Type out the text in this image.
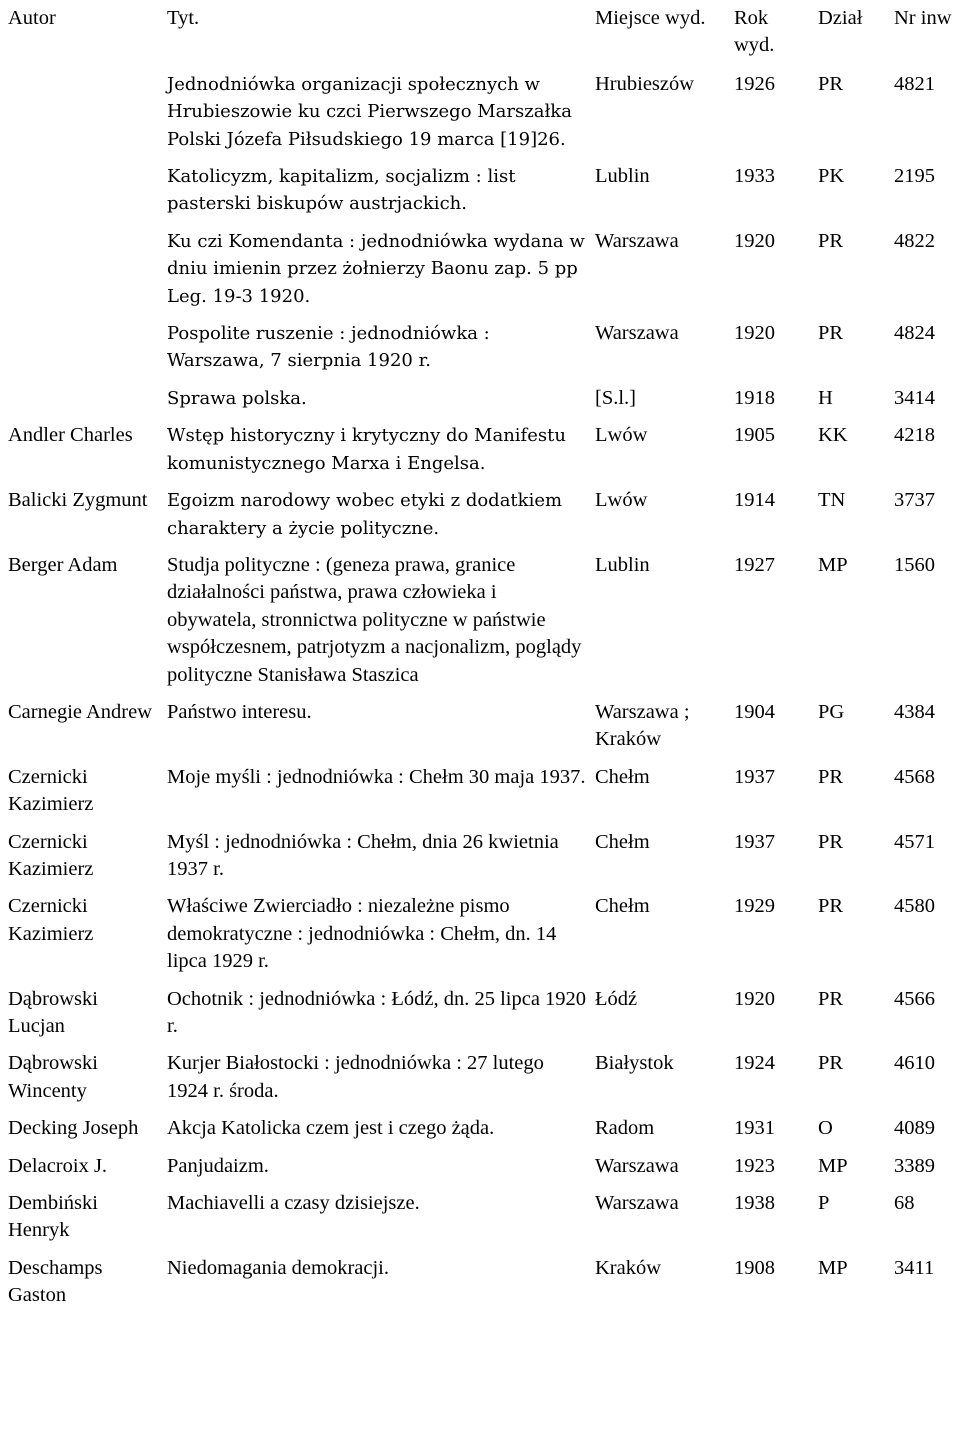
Autor	Tyt.	Miejsce wyd.	Rok wyd.	Dział	Nr inw
	Jednodniówka organizacji społecznych w Hrubieszowie ku czci Pierwszego Marszałka Polski Józefa Piłsudskiego 19 marca [19]26.	Hrubieszów	1926	PR	4821
	Katolicyzm, kapitalizm, socjalizm : list pasterski biskupów austrjackich.	Lublin	1933	PK	2195
	Ku czi Komendanta : jednodniówka wydana w dniu imienin przez żołnierzy Baonu zap. 5 pp Leg. 19-3 1920.	Warszawa	1920	PR	4822
	Pospolite ruszenie : jednodniówka : Warszawa, 7 sierpnia 1920 r.	Warszawa	1920	PR	4824
	Sprawa polska.	[S.l.]	1918	H	3414
Andler Charles	Wstęp historyczny i krytyczny do Manifestu komunistycznego Marxa i Engelsa.	Lwów	1905	KK	4218
Balicki Zygmunt	Egoizm narodowy wobec etyki z dodatkiem charaktery a życie polityczne.	Lwów	1914	TN	3737
Berger Adam	Studja polityczne : (geneza prawa, granice działalności państwa, prawa człowieka i obywatela, stronnictwa polityczne w państwie współczesnem, patrjotyzm a nacjonalizm, poglądy polityczne Stanisława Staszica	Lublin	1927	MP	1560
Carnegie Andrew	Państwo interesu.	Warszawa ; Kraków	1904	PG	4384
Czernicki Kazimierz	Moje myśli : jednodniówka : Chełm 30 maja 1937.	Chełm	1937	PR	4568
Czernicki Kazimierz	Myśl : jednodniówka : Chełm, dnia 26 kwietnia 1937 r.	Chełm	1937	PR	4571
Czernicki Kazimierz	Właściwe Zwierciadło : niezależne pismo demokratyczne : jednodniówka : Chełm, dn. 14 lipca 1929 r.	Chełm	1929	PR	4580
Dąbrowski Lucjan	Ochotnik : jednodniówka : Łódź, dn. 25 lipca 1920 r.	Łódź	1920	PR	4566
Dąbrowski Wincenty	Kurjer Białostocki : jednodniówka : 27 lutego 1924 r. środa.	Białystok	1924	PR	4610
Decking Joseph	Akcja Katolicka czem jest i czego żąda.	Radom	1931	O	4089
Delacroix J.	Panjudaizm.	Warszawa	1923	MP	3389
Dembiński Henryk	Machiavelli a czasy dzisiejsze.	Warszawa	1938	P	68
Deschamps Gaston	Niedomagania demokracji.	Kraków	1908	MP	3411
